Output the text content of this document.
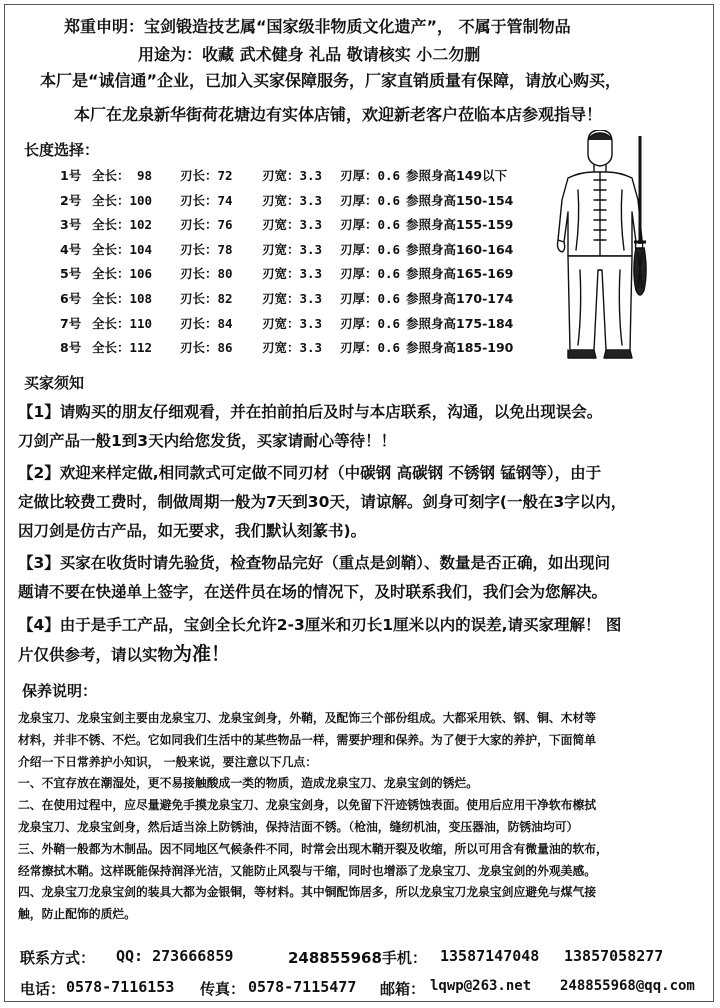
郑重申明：宝剑锻造技艺属“国家级非物质文化遗产”， 不属于管制物品
用途为：收藏 武术健身 礼品 敬请核实 小二勿删
本厂是“诚信通”企业，已加入买家保障服务，厂家直销质量有保障，请放心购买，
本厂在龙泉新华街荷花塘边有实体店铺，欢迎新老客户莅临本店参观指导！
长度选择：
1号 全长： 98 刃长：72 刃宽：3.3 刃厚：0.6 参照身高149以下
2号 全长：100 刃长：74 刃宽：3.3 刃厚：0.6 参照身高150-154
3号 全长：102 刃长：76 刃宽：3.3 刃厚：0.6 参照身高155-159
4号 全长：104 刃长：78 刃宽：3.3 刃厚：0.6 参照身高160-164
5号 全长：106 刃长：80 刃宽：3.3 刃厚：0.6 参照身高165-169
6号 全长：108 刃长：82 刃宽：3.3 刃厚：0.6 参照身高170-174
7号 全长：110 刃长：84 刃宽：3.3 刃厚：0.6 参照身高175-184
8号 全长：112 刃长：86 刃宽：3.3 刃厚：0.6 参照身高185-190
买家须知
【1】请购买的朋友仔细观看，并在拍前拍后及时与本店联系，沟通，以免出现误会。
刀剑产品一般1到3天内给您发货，买家请耐心等待！！
【2】欢迎来样定做,相同款式可定做不同刃材（中碳钢 高碳钢 不锈钢 锰钢等），由于
定做比较费工费时，制做周期一般为7天到30天，请谅解。剑身可刻字(一般在3字以内，
因刀剑是仿古产品，如无要求，我们默认刻篆书)。
【3】买家在收货时请先验货，检查物品完好（重点是剑鞘）、数量是否正确，如出现问
题请不要在快递单上签字，在送件员在场的情况下，及时联系我们，我们会为您解决。
【4】由于是手工产品，宝剑全长允许2-3厘米和刃长1厘米以内的误差,请买家理解！ 图
片仅供参考，请以实物为准！
保养说明：
龙泉宝刀、龙泉宝剑主要由龙泉宝刀、龙泉宝剑身，外鞘，及配饰三个部份组成。大都采用铁、钢、铜、木材等
材料，并非不锈、不烂。它如同我们生活中的某些物品一样，需要护理和保养。为了便于大家的养护，下面简单
介绍一下日常养护小知识， 一般来说，要注意以下几点：
一、不宜存放在潮湿处，更不易接触酸成一类的物质，造成龙泉宝刀、龙泉宝剑的锈烂。
二、在使用过程中，应尽量避免手摸龙泉宝刀、龙泉宝剑身，以免留下汗迹锈蚀表面。使用后应用干净软布檫拭
龙泉宝刀、龙泉宝剑身，然后适当涂上防锈油，保持洁面不锈。（枪油，缝纫机油，变压器油，防锈油均可）
三、外鞘一般都为木制品。因不同地区气候条件不同，时常会出现木鞘开裂及收缩，所以可用含有微量油的软布，
经常擦拭木鞘。这样既能保持润泽光洁，又能防止风裂与干缩，同时也增添了龙泉宝刀、龙泉宝剑的外观美感。
四、龙泉宝刀龙泉宝剑的装具大都为金银铜，等材料。其中铜配饰居多，所以龙泉宝刀龙泉宝剑应避免与煤气接
触，防止配饰的质烂。
联系方式： QQ: 273666859	248855968手机： 13587147048 13857058277
电话： 0578-7116153 传真： 0578-7115477 邮箱： lqwp@263.net 248855968@qq.com
